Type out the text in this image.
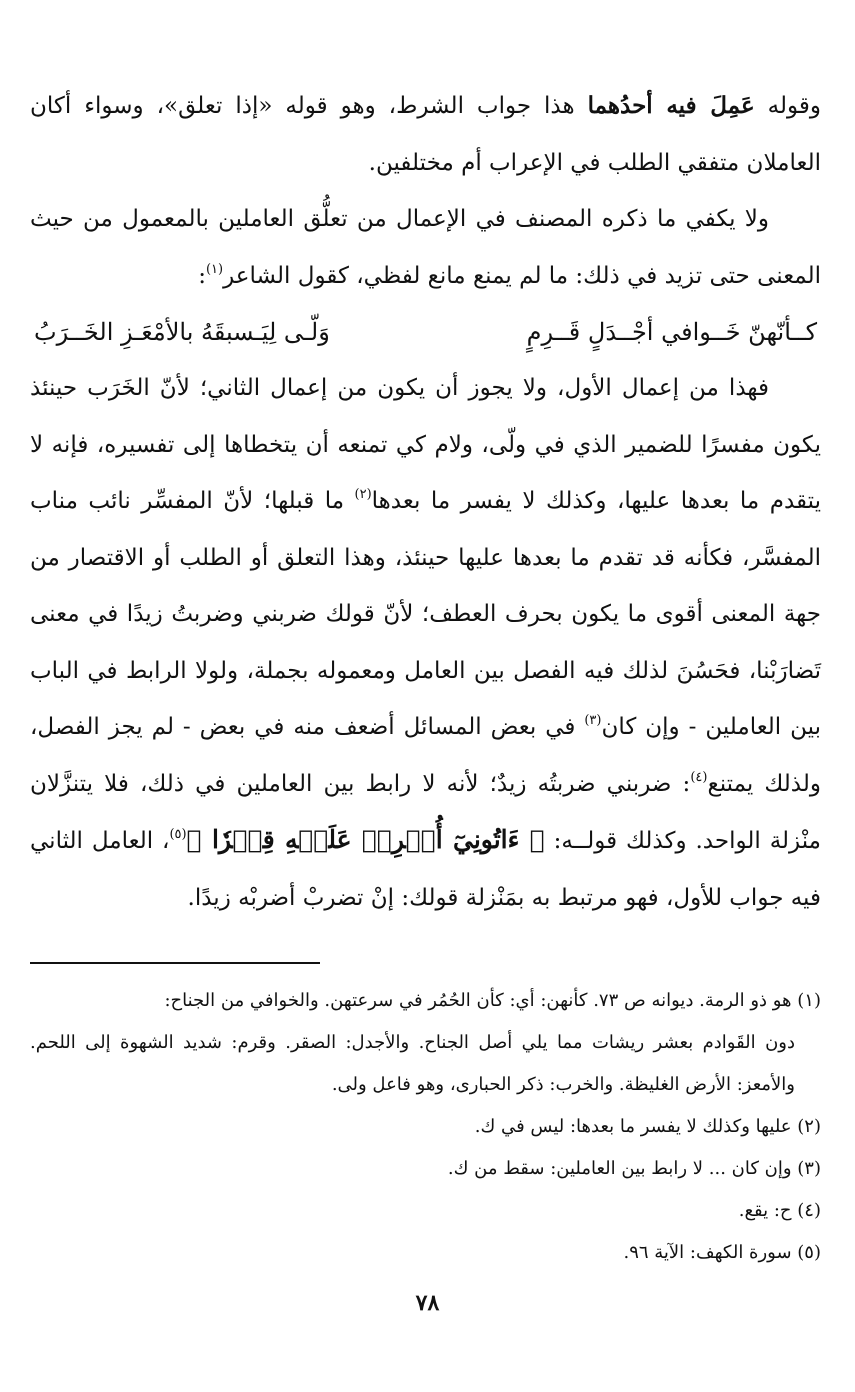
وقوله عَمِلَ فيه أحدُهما هذا جواب الشرط، وهو قوله «إذا تعلق»، وسواء أكان العاملان متفقي الطلب في الإعراب أم مختلفين.

ولا يكفي ما ذكره المصنف في الإعمال من تعلُّق العاملين بالمعمول من حيث المعنى حتى تزيد في ذلك: ما لم يمنع مانع لفظي، كقول الشاعر$^{(١)}$:

كــأنّهنّ خَــوافي أجْــدَلٍ قَــرِمٍ
وَلّـى لِيَـسبقَهُ بالأمْعَـزِ الخَــرَبُ

فهذا من إعمال الأول، ولا يجوز أن يكون من إعمال الثاني؛ لأنّ الخَرَب حينئذ يكون مفسرًا للضمير الذي في ولّى، ولام كي تمنعه أن يتخطاها إلى تفسيره، فإنه لا يتقدم ما بعدها عليها، وكذلك لا يفسر ما بعدها$^{(٢)}$ ما قبلها؛ لأنّ المفسِّر نائب مناب المفسَّر، فكأنه قد تقدم ما بعدها عليها حينئذ، وهذا التعلق أو الطلب أو الاقتصار من جهة المعنى أقوى ما يكون بحرف العطف؛ لأنّ قولك ضربني وضربتُ زيدًا في معنى تَضارَبْنا، فحَسُنَ لذلك فيه الفصل بين العامل ومعموله بجملة، ولولا الرابط في الباب بين العاملين - وإن كان$^{(٣)}$ في بعض المسائل أضعف منه في بعض - لم يجز الفصل، ولذلك يمتنع$^{(٤)}$: ضربني ضربتُه زيدٌ؛ لأنه لا رابط بين العاملين في ذلك، فلا يتنزَّلان منْزلة الواحد. وكذلك قولــه: ﴿ ءَاتُونِيٓ أُفۡرِغۡ عَلَيۡهِ قِطۡرٗا ﴾$^{(٥)}$، العامل الثاني فيه جواب للأول، فهو مرتبط به بمَنْزلة قولك: إنْ تضربْ أضربْه زيدًا.

(١) هو ذو الرمة. ديوانه ص ٧٣. كأنهن: أي: كأن الحُمُر في سرعتهن. والخوافي من الجناح:

دون القَوادم بعشر ريشات مما يلي أصل الجناح. والأجدل: الصقر. وقرم: شديد الشهوة إلى اللحم. والأمعز: الأرض الغليظة. والخرب: ذكر الحبارى، وهو فاعل ولى.

(٢) عليها وكذلك لا يفسر ما بعدها: ليس في ك.

(٣) وإن كان ... لا رابط بين العاملين: سقط من ك.

(٤) ح: يقع.

(٥) سورة الكهف: الآية ٩٦.

٧٨
